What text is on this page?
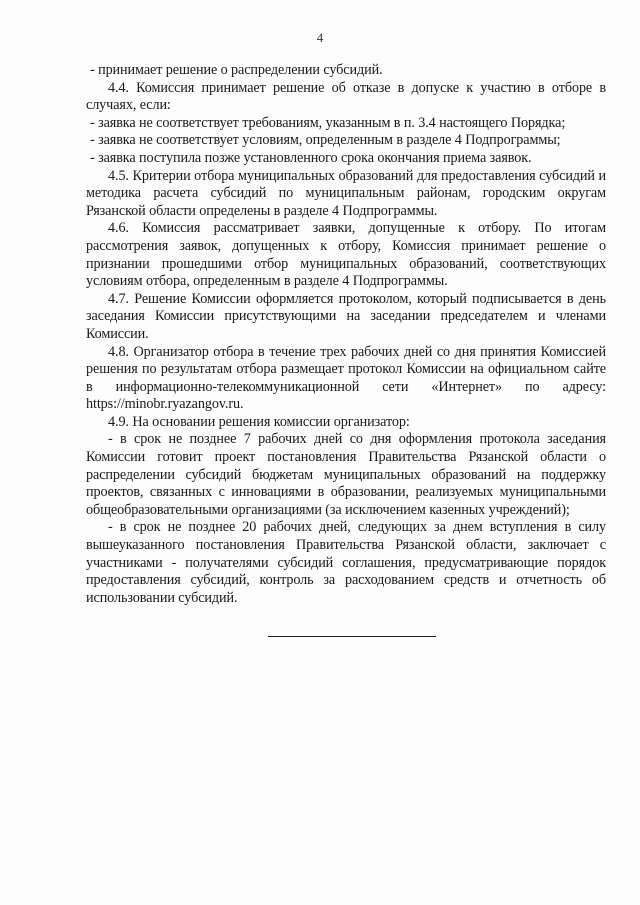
4

- принимает решение о распределении субсидий.

4.4. Комиссия принимает решение об отказе в допуске к участию в отборе в случаях, если:

- заявка не соответствует требованиям, указанным в п. 3.4 настоящего Порядка;

- заявка не соответствует условиям, определенным в разделе 4 Подпрограммы;

- заявка поступила позже установленного срока окончания приема заявок.

4.5. Критерии отбора муниципальных образований для предоставления субсидий и методика расчета субсидий по муниципальным районам, городским округам Рязанской области определены в разделе 4 Подпрограммы.

4.6. Комиссия рассматривает заявки, допущенные к отбору. По итогам рассмотрения заявок, допущенных к отбору, Комиссия принимает решение о признании прошедшими отбор муниципальных образований, соответствующих условиям отбора, определенным в разделе 4 Подпрограммы.

4.7. Решение Комиссии оформляется протоколом, который подписывается в день заседания Комиссии присутствующими на заседании председателем и членами Комиссии.

4.8. Организатор отбора в течение трех рабочих дней со дня принятия Комиссией решения по результатам отбора размещает протокол Комиссии на официальном сайте в информационно-телекоммуникационной сети «Интернет» по адресу: https://minobr.ryazangov.ru.

4.9. На основании решения комиссии организатор:

- в срок не позднее 7 рабочих дней со дня оформления протокола заседания Комиссии готовит проект постановления Правительства Рязанской области о распределении субсидий бюджетам муниципальных образований на поддержку проектов, связанных с инновациями в образовании, реализуемых муниципальными общеобразовательными организациями (за исключением казенных учреждений);

- в срок не позднее 20 рабочих дней, следующих за днем вступления в силу вышеуказанного постановления Правительства Рязанской области, заключает с участниками - получателями субсидий соглашения, предусматривающие порядок предоставления субсидий, контроль за расходованием средств и отчетность об использовании субсидий.
